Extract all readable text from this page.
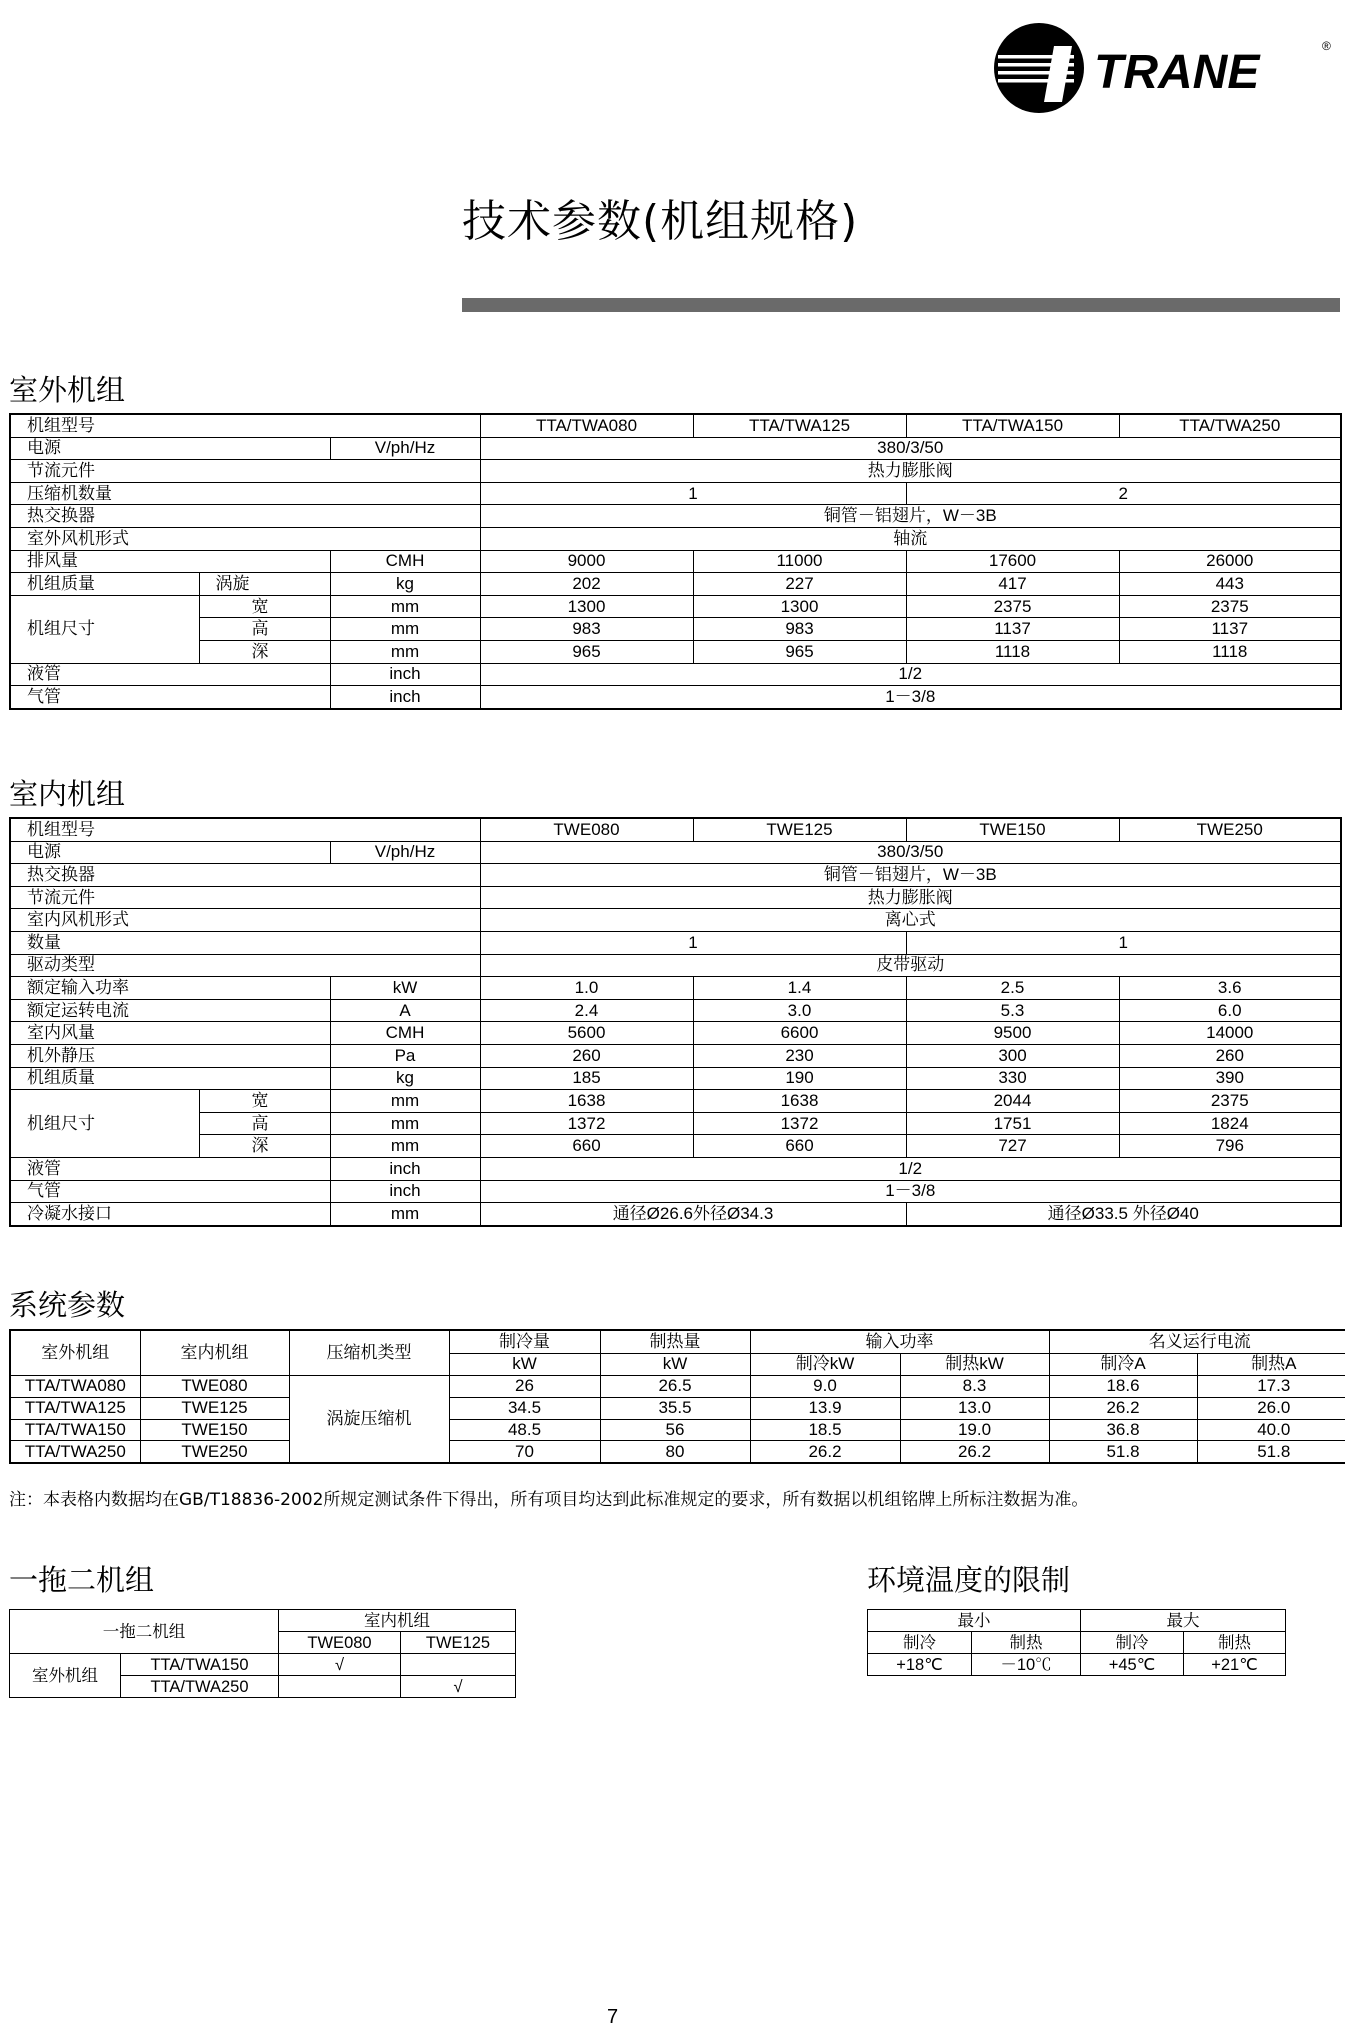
TRANE	®
技术参数(机组规格)
室外机组
机组型号			TTA/TWA080	TTA/TWA125	TTA/TWA150	TTA/TWA250
电源		V/ph/Hz	380/3/50			
节流元件			热力膨胀阀			
压缩机数量			1		2	
热交换器			铜管－铝翅片，W－3B			
室外风机形式			轴流			
排风量		CMH	9000	11000	17600	26000
机组质量	涡旋	kg	202	227	417	443
机组尺寸	宽	mm	1300	1300	2375	2375
	高	mm	983	983	1137	1137
	深	mm	965	965	1118	1118
液管		inch	1/2			
气管		inch	1－3/8			
室内机组
机组型号			TWE080	TWE125	TWE150	TWE250
电源		V/ph/Hz	380/3/50			
热交换器			铜管－铝翅片，W－3B			
节流元件			热力膨胀阀			
室内风机形式			离心式			
数量			1		1	
驱动类型			皮带驱动			
额定输入功率		kW	1.0	1.4	2.5	3.6
额定运转电流		A	2.4	3.0	5.3	6.0
室内风量		CMH	5600	6600	9500	14000
机外静压		Pa	260	230	300	260
机组质量		kg	185	190	330	390
机组尺寸	宽	mm	1638	1638	2044	2375
	高	mm	1372	1372	1751	1824
	深	mm	660	660	727	796
液管		inch	1/2			
气管		inch	1－3/8			
冷凝水接口		mm	通径Ø26.6外径Ø34.3		通径Ø33.5 外径Ø40	
系统参数
室外机组	室内机组	压缩机类型	制冷量	制热量	输入功率		名义运行电流	
			kW	kW	制冷kW	制热kW	制冷A	制热A
TTA/TWA080	TWE080	涡旋压缩机	26	26.5	9.0	8.3	18.6	17.3
TTA/TWA125	TWE125		34.5	35.5	13.9	13.0	26.2	26.0
TTA/TWA150	TWE150		48.5	56	18.5	19.0	36.8	40.0
TTA/TWA250	TWE250		70	80	26.2	26.2	51.8	51.8

注：本表格内数据均在GB/T18836-2002所规定测试条件下得出，所有项目均达到此标准规定的要求，所有数据以机组铭牌上所标注数据为准。

一拖二机组
一拖二机组		室内机组	
		TWE080	TWE125
室外机组	TTA/TWA150	√	
	TTA/TWA250		√
环境温度的限制
最小		最大	
制冷	制热	制冷	制热
+18℃	－10℃	+45℃	+21℃
7
